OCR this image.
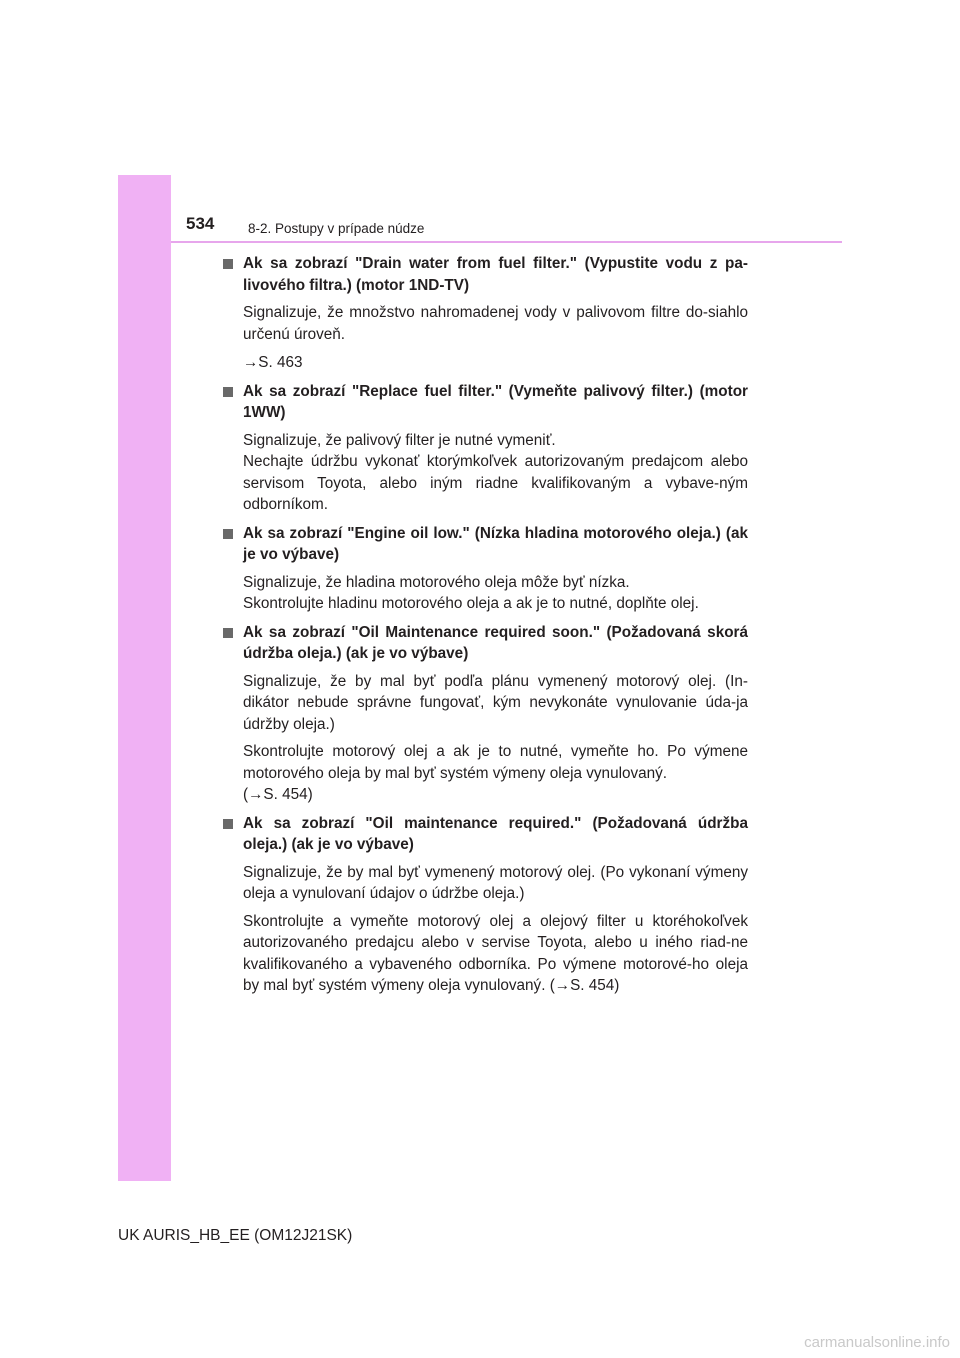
534 8-2. Postupy v prípade núdze
Ak sa zobrazí "Drain water from fuel filter." (Vypustite vodu z pa-livového filtra.) (motor 1ND-TV)
Signalizuje, že množstvo nahromadenej vody v palivovom filtre do-siahlo určenú úroveň.
→S. 463
Ak sa zobrazí "Replace fuel filter." (Vymeňte palivový filter.) (motor 1WW)
Signalizuje, že palivový filter je nutné vymeniť.
Nechajte údržbu vykonať ktorýmkoľvek autorizovaným predajcom alebo servisom Toyota, alebo iným riadne kvalifikovaným a vybave-ným odborníkom.
Ak sa zobrazí "Engine oil low." (Nízka hladina motorového oleja.) (ak je vo výbave)
Signalizuje, že hladina motorového oleja môže byť nízka.
Skontrolujte hladinu motorového oleja a ak je to nutné, doplňte olej.
Ak sa zobrazí "Oil Maintenance required soon." (Požadovaná skorá údržba oleja.) (ak je vo výbave)
Signalizuje, že by mal byť podľa plánu vymenený motorový olej. (In-dikátor nebude správne fungovať, kým nevykonáte vynulovanie úda-ja údržby oleja.)
Skontrolujte motorový olej a ak je to nutné, vymeňte ho. Po výmene motorového oleja by mal byť systém výmeny oleja vynulovaný.
(→S. 454)
Ak sa zobrazí "Oil maintenance required." (Požadovaná údržba oleja.) (ak je vo výbave)
Signalizuje, že by mal byť vymenený motorový olej. (Po vykonaní výmeny oleja a vynulovaní údajov o údržbe oleja.)
Skontrolujte a vymeňte motorový olej a olejový filter u ktoréhokoľvek autorizovaného predajcu alebo v servise Toyota, alebo u iného riad-ne kvalifikovaného a vybaveného odborníka. Po výmene motorové-ho oleja by mal byť systém výmeny oleja vynulovaný. (→S. 454)
UK AURIS_HB_EE (OM12J21SK)
carmanualsonline.info
